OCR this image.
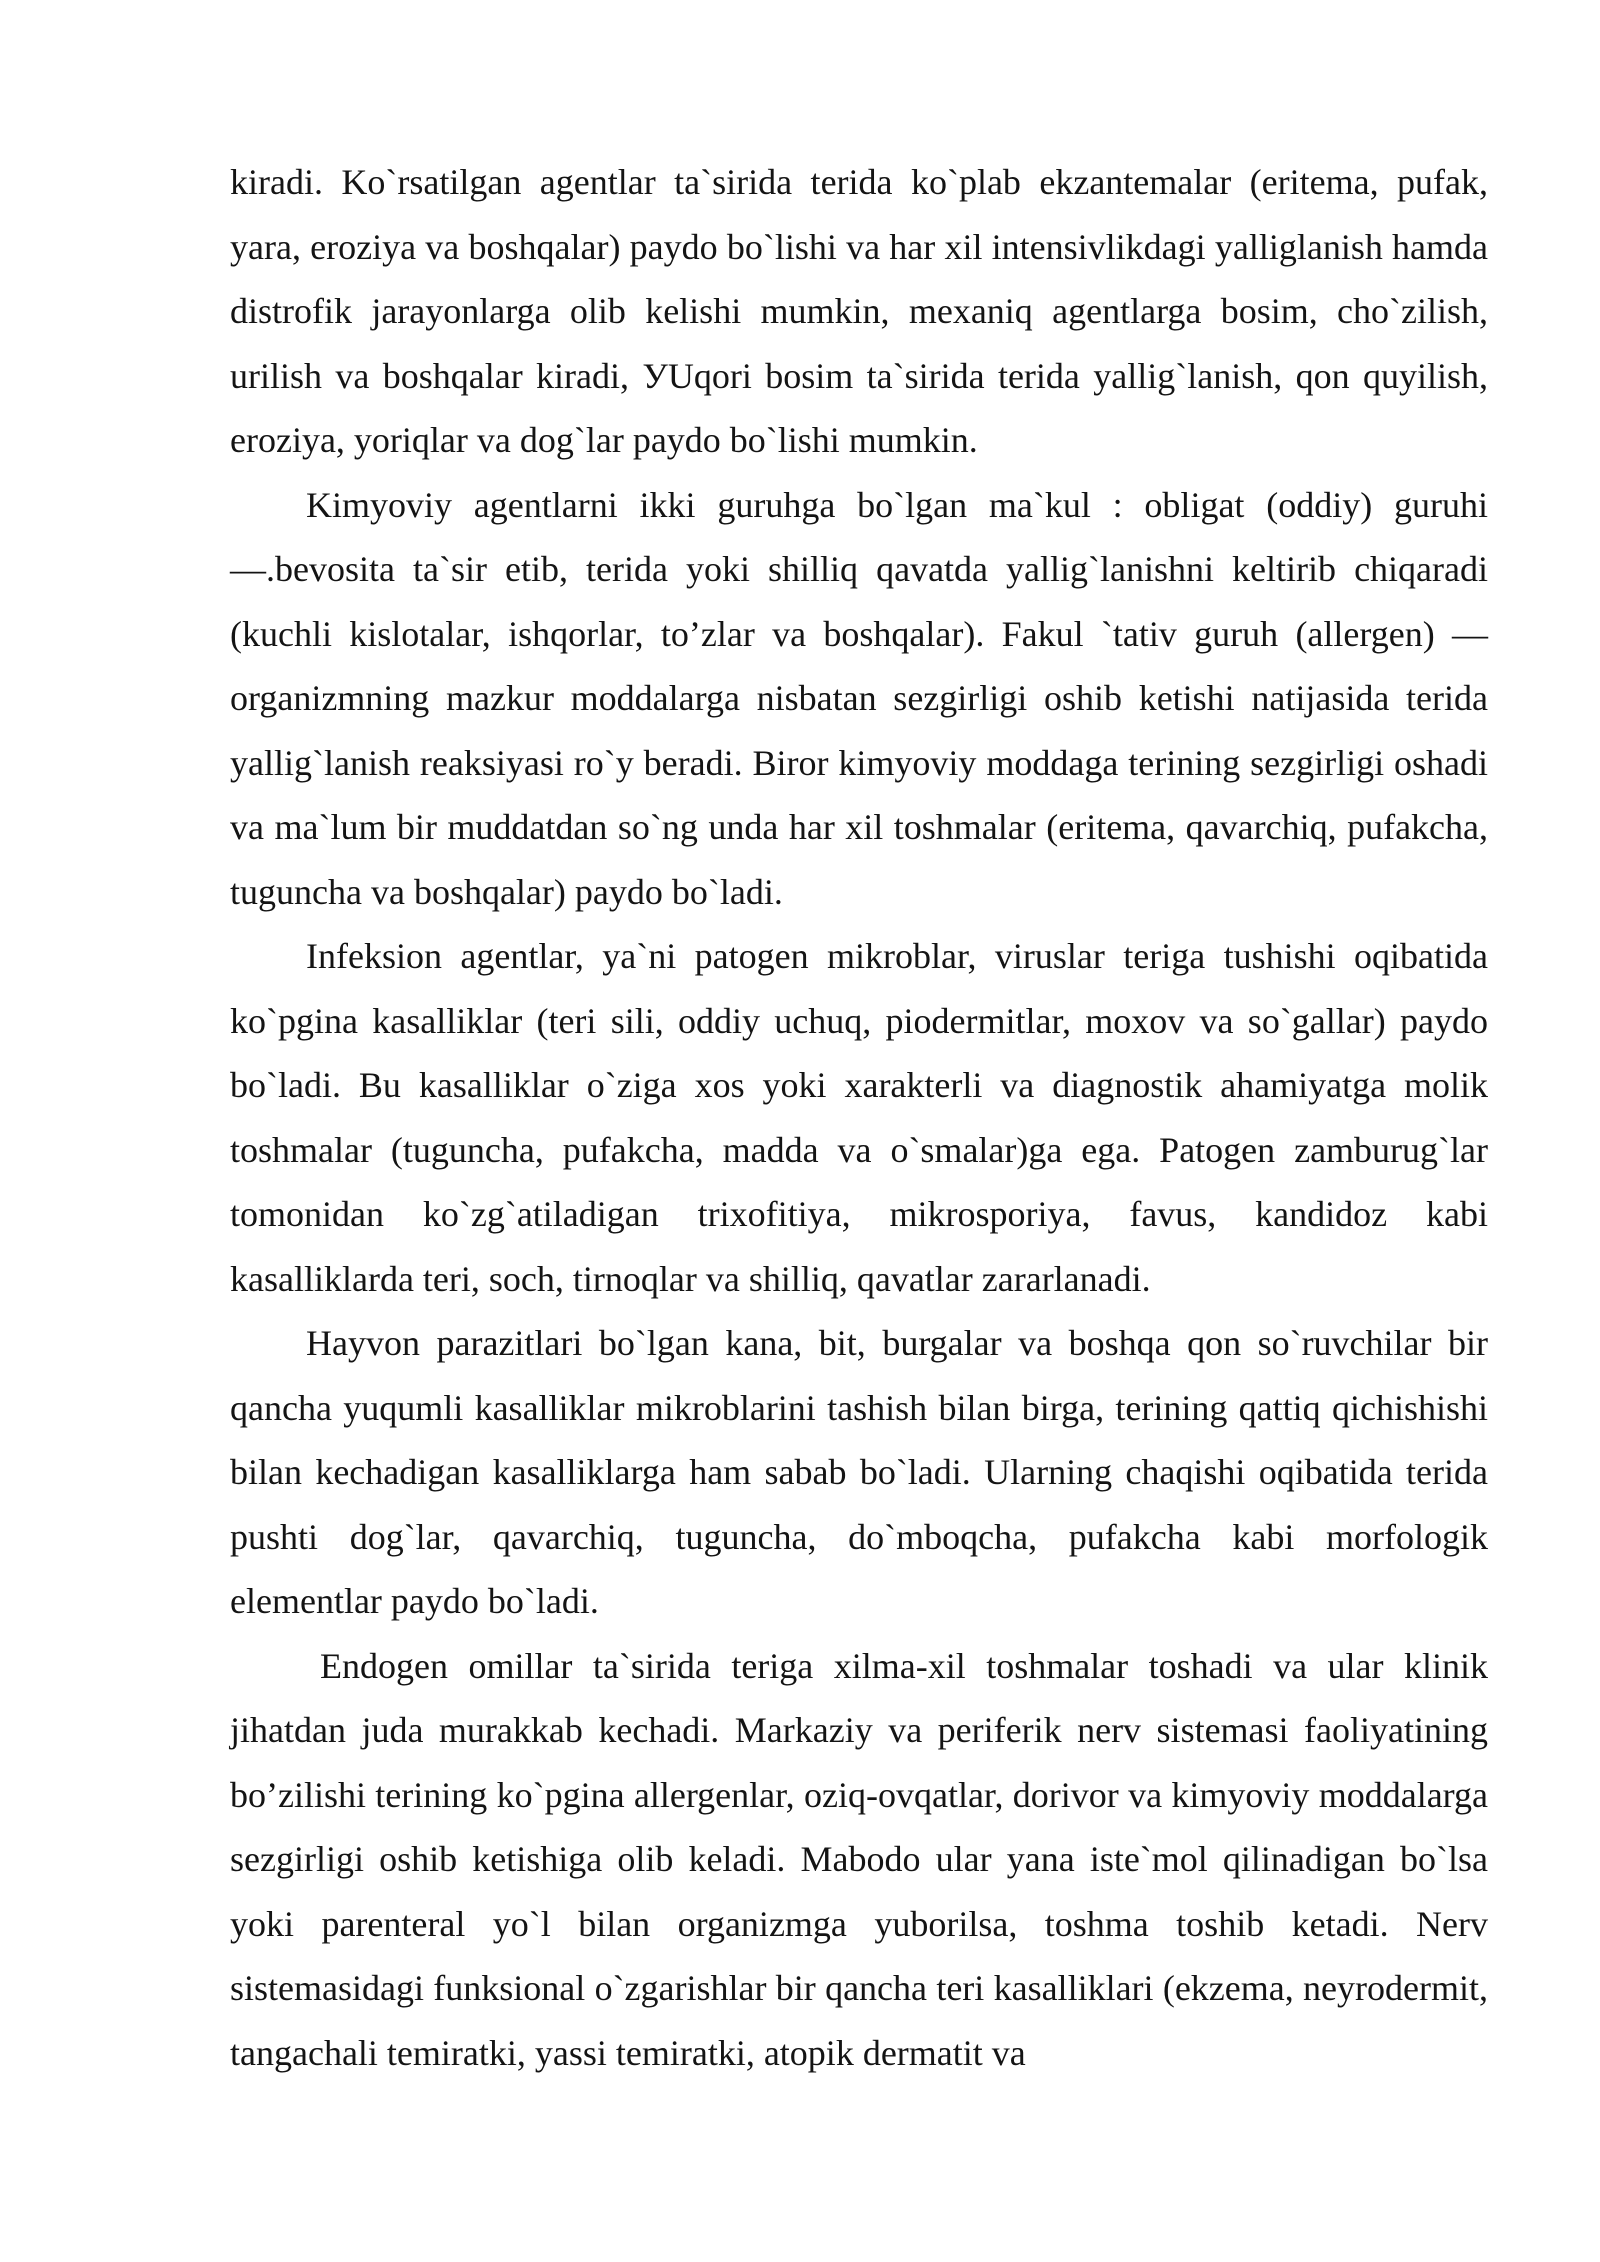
kiradi. Ko`rsatilgan agentlar ta`sirida terida ko`plab ekzantemalar (eritema, pufak, yara, eroziya va boshqalar) paydo bo`lishi va har xil intensivlikdagi yalliglanish hamda distrofik jarayonlarga olib kelishi mumkin, mexaniq agentlarga bosim, cho`zilish, urilish va boshqalar kiradi, УUqori bosim ta`sirida terida yallig`lanish, qon quyilish, eroziya, yoriqlar va dog`lar paydo bo`lishi mumkin.

Kimyoviy agentlarni ikki guruhga bo`lgan ma`kul : obligat (oddiy) guruhi —.bevosita ta`sir etib, terida yoki shilliq qavatda yallig`lanishni keltirib chiqaradi (kuchli kislotalar, ishqorlar, to’zlar va boshqalar). Fakul `tativ guruh (allergen) — organizmning mazkur moddalarga nisbatan sezgirligi oshib ketishi natijasida terida yallig`lanish reaksiyasi ro`y beradi. Biror kimyoviy moddaga terining sezgirligi oshadi va ma`lum bir muddatdan so`ng unda har xil toshmalar (eritema, qavarchiq, pufakcha, tuguncha va boshqalar) paydo bo`ladi.

Infeksion agentlar, ya`ni patogen mikroblar, viruslar teriga tushishi oqibatida ko`pgina kasalliklar (teri sili, oddiy uchuq, piodermitlar, moxov va so`gallar) paydo bo`ladi. Bu kasalliklar o`ziga xos yoki xarakterli va diagnostik ahamiyatga molik toshmalar (tuguncha, pufakcha, madda va o`smalar)ga ega. Patogen zamburug`lar tomonidan ko`zg`atiladigan trixofitiya, mikrosporiya, favus, kandidoz kabi kasalliklarda teri, soch, tirnoqlar va shilliq, qavatlar zararlanadi.

Hayvon parazitlari bo`lgan kana, bit, burgalar va boshqa qon so`ruvchilar bir qancha yuqumli kasalliklar mikroblarini tashish bilan birga, terining qattiq qichishishi bilan kechadigan kasalliklarga ham sabab bo`ladi. Ularning chaqishi oqibatida terida pushti dog`lar, qavarchiq, tuguncha, do`mboqcha, pufakcha kabi morfologik elementlar paydo bo`ladi.

Endogen omillar ta`sirida teriga xilma-xil toshmalar toshadi va ular klinik jihatdan juda murakkab kechadi. Markaziy va periferik nerv sistemasi faoliyatining bo’zilishi terining ko`pgina allergenlar, oziq-ovqatlar, dorivor va kimyoviy moddalarga sezgirligi oshib ketishiga olib keladi. Mabodo ular yana iste`mol qilinadigan bo`lsa yoki parenteral yo`l bilan organizmga yuborilsa, toshma toshib ketadi. Nerv sistemasidagi funksional o`zgarishlar bir qancha teri kasalliklari (ekzema, neyrodermit, tangachali temiratki, yassi temiratki, atopik dermatit va
